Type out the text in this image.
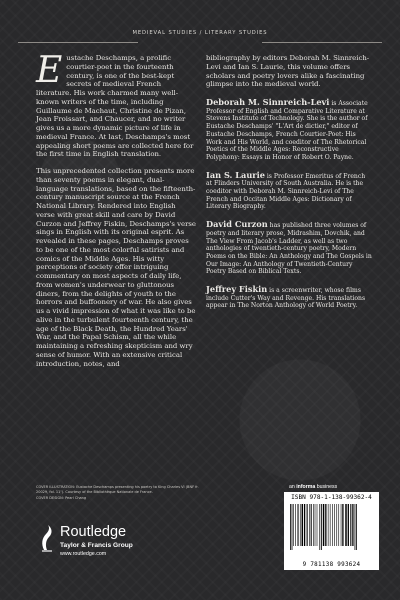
MEDIEVAL STUDIES / LITERARY STUDIES

Eustache Deschamps, a prolific courtier-poet in the fourteenth century, is one of the best-kept secrets of medieval French literature. His work charmed many well-known writers of the time, including Guillaume de Machaut, Christine de Pizan, Jean Froissart, and Chaucer, and no writer gives us a more dynamic picture of life in medieval France. At last, Deschamps's most appealing short poems are collected here for the first time in English translation.

This unprecedented collection presents more than seventy poems in elegant, dual-language translations, based on the fifteenth-century manuscript source at the French National Library. Rendered into English verse with great skill and care by David Curzon and Jeffrey Fiskin, Deschamps's verse sings in English with its original esprit. As revealed in these pages, Deschamps proves to be one of the most colorful satirists and comics of the Middle Ages. His witty perceptions of society offer intriguing commentary on most aspects of daily life, from women's underwear to gluttonous diners, from the delights of youth to the horrors and buffoonery of war. He also gives us a vivid impression of what it was like to be alive in the turbulent fourteenth century, the age of the Black Death, the Hundred Years' War, and the Papal Schism, all the while maintaining a refreshing skepticism and wry sense of humor. With an extensive critical introduction, notes, and

bibliography by editors Deborah M. Sinnreich-Levi and Ian S. Laurie, this volume offers scholars and poetry lovers alike a fascinating glimpse into the medieval world.

Deborah M. Sinnreich-Levi is Associate Professor of English and Comparative Literature at Stevens Institute of Technology. She is the author of Eustache Deschamps' "L'Art de dictier," editor of Eustache Deschamps, French Courtier-Poet: His Work and His World, and coeditor of The Rhetorical Poetics of the Middle Ages: Reconstructive Polyphony: Essays in Honor of Robert O. Payne.

Ian S. Laurie is Professor Emeritus of French at Flinders University of South Australia. He is the coeditor with Deborah M. Sinnreich-Levi of The French and Occitan Middle Ages: Dictionary of Literary Biography.

David Curzon has published three volumes of poetry and literary prose, Midrashim, Dovchik, and The View From Jacob's Ladder, as well as two anthologies of twentieth-century poetry, Modern Poems on the Bible: An Anthology and The Gospels in Our Image: An Anthology of Twentieth-Century Poetry Based on Biblical Texts.

Jeffrey Fiskin is a screenwriter, whose films include Cutter's Way and Revenge. His translations appear in The Norton Anthology of World Poetry.

COVER ILLUSTRATION: Eustache Deschamps presenting his poetry to King Charles VI (BNF fr. 20029, fol. 11ᵛ). Courtesy of the Bibliothèque Nationale de France.

COVER DESIGN: Pearl Chang

Routledge
Taylor & Francis Group
www.routledge.com
an informa business
ISBN 978-1-138-99362-4
9 781138 993624
